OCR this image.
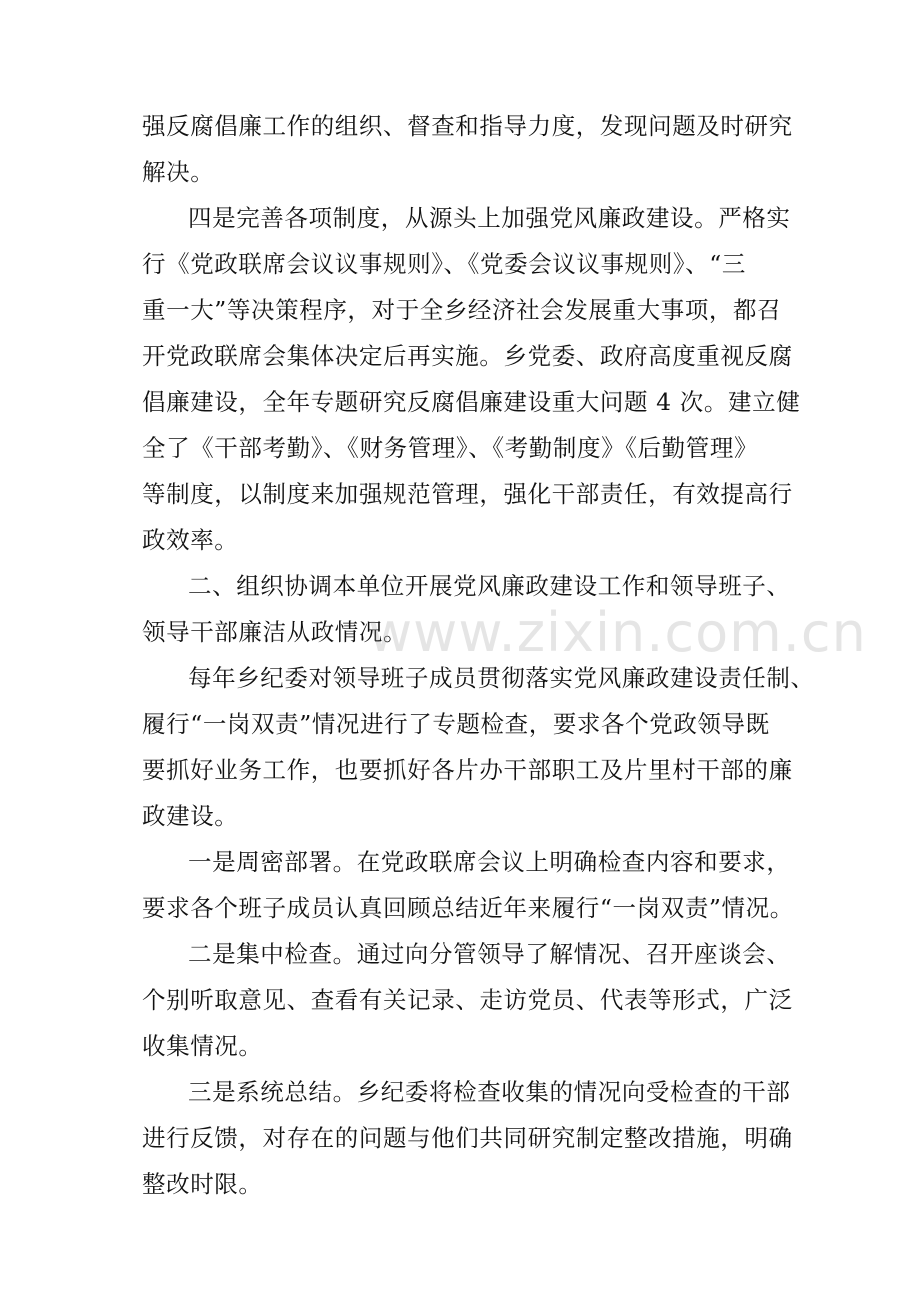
强反腐倡廉工作的组织、督查和指导力度，发现问题及时研究
解决。
四是完善各项制度，从源头上加强党风廉政建设。严格实
行《党政联席会议议事规则》、《党委会议议事规则》、“三
重一大”等决策程序，对于全乡经济社会发展重大事项，都召
开党政联席会集体决定后再实施。乡党委、政府高度重视反腐
倡廉建设，全年专题研究反腐倡廉建设重大问题 4 次。建立健
全了《干部考勤》、《财务管理》、《考勤制度》《后勤管理》
等制度，以制度来加强规范管理，强化干部责任，有效提高行
政效率。
二、组织协调本单位开展党风廉政建设工作和领导班子、
领导干部廉洁从政情况。
每年乡纪委对领导班子成员贯彻落实党风廉政建设责任制、
履行“一岗双责”情况进行了专题检查，要求各个党政领导既
要抓好业务工作，也要抓好各片办干部职工及片里村干部的廉
政建设。
一是周密部署。在党政联席会议上明确检查内容和要求，
要求各个班子成员认真回顾总结近年来履行“一岗双责”情况。
二是集中检查。通过向分管领导了解情况、召开座谈会、
个别听取意见、查看有关记录、走访党员、代表等形式，广泛
收集情况。
三是系统总结。乡纪委将检查收集的情况向受检查的干部
进行反馈，对存在的问题与他们共同研究制定整改措施，明确
整改时限。
www.zixin.com.cn
